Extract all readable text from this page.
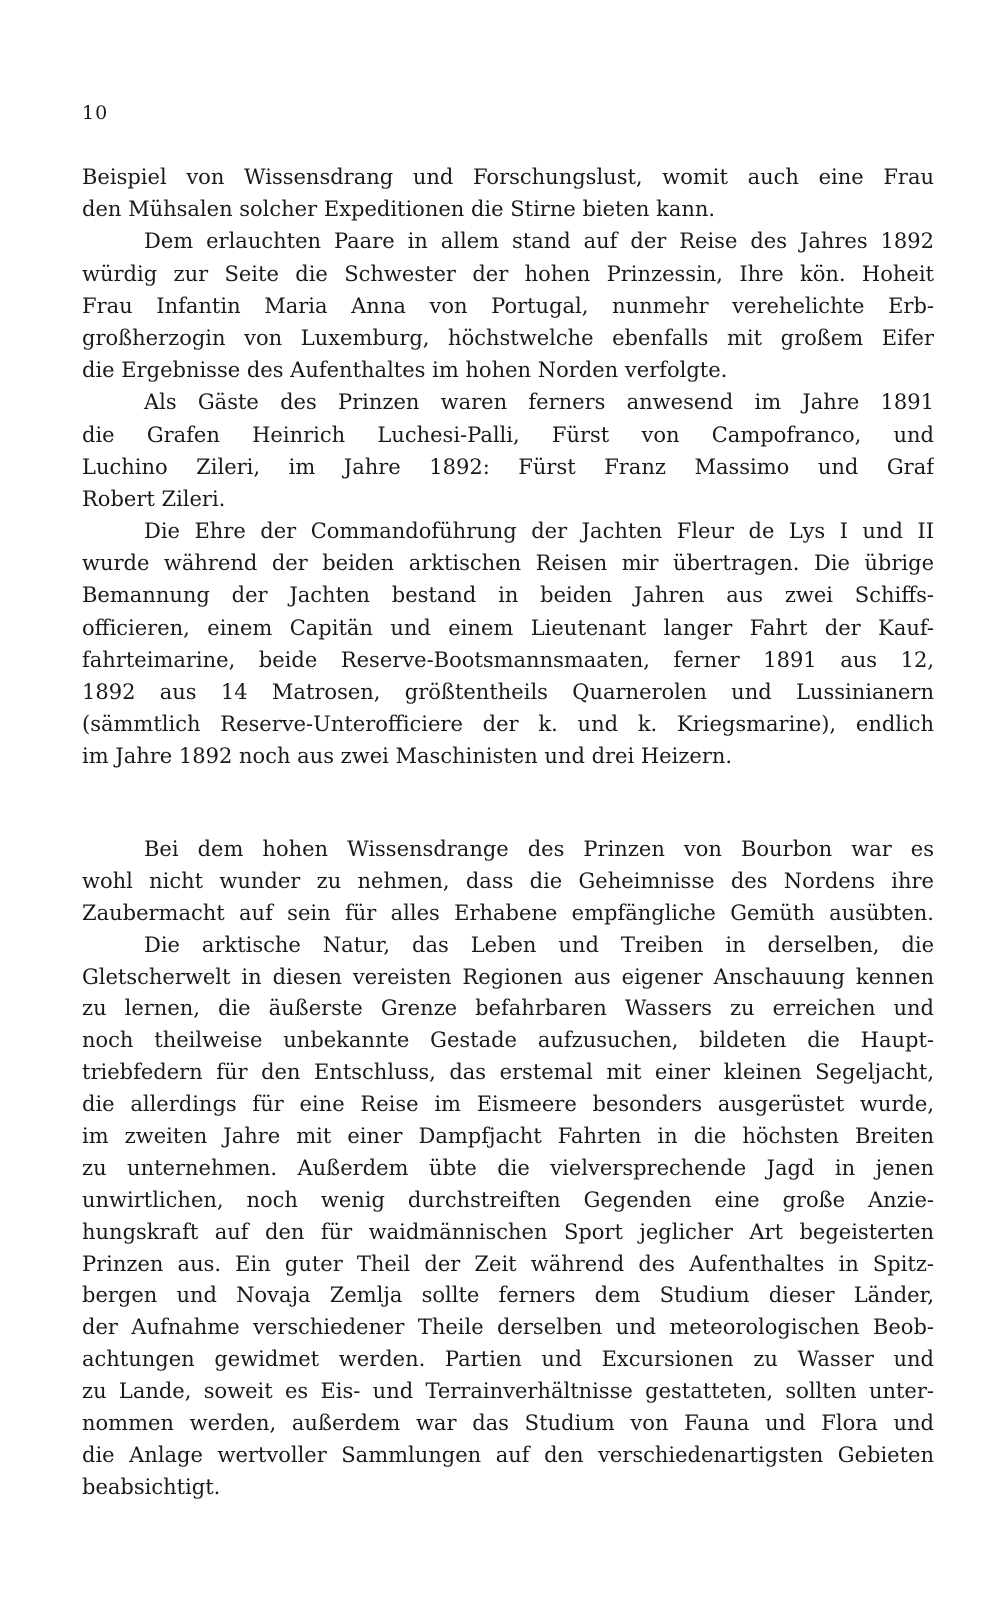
10
Beispiel von Wissensdrang und Forschungslust, womit auch eine Frau
den Mühsalen solcher Expeditionen die Stirne bieten kann.
Dem erlauchten Paare in allem stand auf der Reise des Jahres 1892
würdig zur Seite die Schwester der hohen Prinzessin, Ihre kön. Hoheit
Frau Infantin Maria Anna von Portugal, nunmehr verehelichte Erb-
großherzogin von Luxemburg, höchstwelche ebenfalls mit großem Eifer
die Ergebnisse des Aufenthaltes im hohen Norden verfolgte.
Als Gäste des Prinzen waren ferners anwesend im Jahre 1891
die Grafen Heinrich Luchesi-Palli, Fürst von Campofranco, und
Luchino Zileri, im Jahre 1892: Fürst Franz Massimo und Graf
Robert Zileri.
Die Ehre der Commandoführung der Jachten Fleur de Lys I und II
wurde während der beiden arktischen Reisen mir übertragen. Die übrige
Bemannung der Jachten bestand in beiden Jahren aus zwei Schiffs-
officieren, einem Capitän und einem Lieutenant langer Fahrt der Kauf-
fahrteimarine, beide Reserve-Bootsmannsmaaten, ferner 1891 aus 12,
1892 aus 14 Matrosen, größtentheils Quarnerolen und Lussinianern
(sämmtlich Reserve-Unterofficiere der k. und k. Kriegsmarine), endlich
im Jahre 1892 noch aus zwei Maschinisten und drei Heizern.
Bei dem hohen Wissensdrange des Prinzen von Bourbon war es
wohl nicht wunder zu nehmen, dass die Geheimnisse des Nordens ihre
Zaubermacht auf sein für alles Erhabene empfängliche Gemüth ausübten.
Die arktische Natur, das Leben und Treiben in derselben, die
Gletscherwelt in diesen vereisten Regionen aus eigener Anschauung kennen
zu lernen, die äußerste Grenze befahrbaren Wassers zu erreichen und
noch theilweise unbekannte Gestade aufzusuchen, bildeten die Haupt-
triebfedern für den Entschluss, das erstemal mit einer kleinen Segeljacht,
die allerdings für eine Reise im Eismeere besonders ausgerüstet wurde,
im zweiten Jahre mit einer Dampfjacht Fahrten in die höchsten Breiten
zu unternehmen. Außerdem übte die vielversprechende Jagd in jenen
unwirtlichen, noch wenig durchstreiften Gegenden eine große Anzie-
hungskraft auf den für waidmännischen Sport jeglicher Art begeisterten
Prinzen aus. Ein guter Theil der Zeit während des Aufenthaltes in Spitz-
bergen und Novaja Zemlja sollte ferners dem Studium dieser Länder,
der Aufnahme verschiedener Theile derselben und meteorologischen Beob-
achtungen gewidmet werden. Partien und Excursionen zu Wasser und
zu Lande, soweit es Eis- und Terrainverhältnisse gestatteten, sollten unter-
nommen werden, außerdem war das Studium von Fauna und Flora und
die Anlage wertvoller Sammlungen auf den verschiedenartigsten Gebieten
beabsichtigt.
